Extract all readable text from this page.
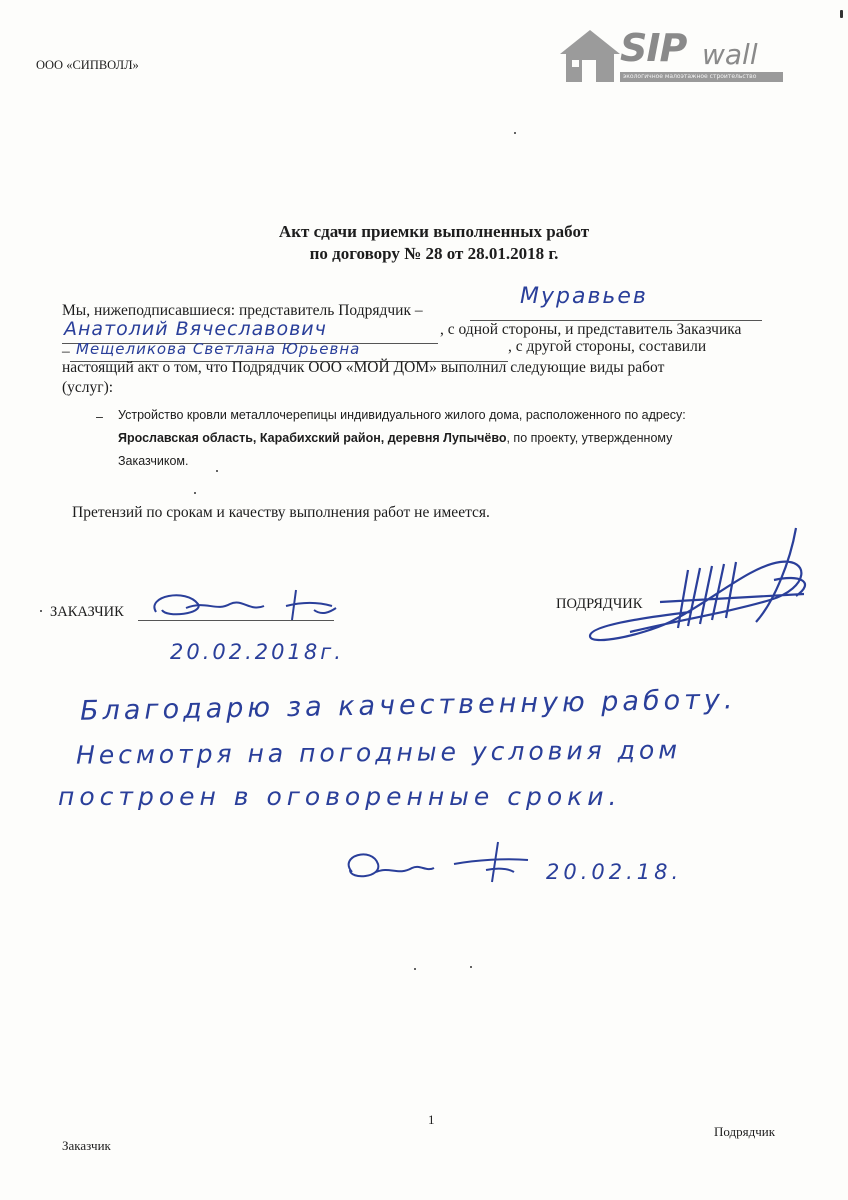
ООО «СИПВОЛЛ»	SIP wall
экологичное малоэтажное строительство
Акт сдачи приемки выполненных работ
по договору № 28 от 28.01.2018 г.
Мы, нижеподписавшиеся: представитель Подрядчик –
Муравьев
Анатолий Вячеславович	, с одной стороны, и представитель Заказчика
– Мещеликова Светлана Юрьевна	, с другой стороны, составили
настоящий акт о том, что Подрядчик ООО «МОЙ ДОМ» выполнил следующие виды работ
(услуг):
– Устройство кровли металлочерепицы индивидуального жилого дома, расположенного по адресу:
Ярославская область, Карабихский район, деревня Лупычёво, по проекту, утвержденному
Заказчиком.
Претензий по срокам и качеству выполнения работ не имеется.
ЗАКАЗЧИК	ПОДРЯДЧИК
20.02.2018г.
Благодарю за качественную работу.
Несмотря на погодные условия дом
построен в оговоренные сроки.
20.02.18.
1
Заказчик
Подрядчик
